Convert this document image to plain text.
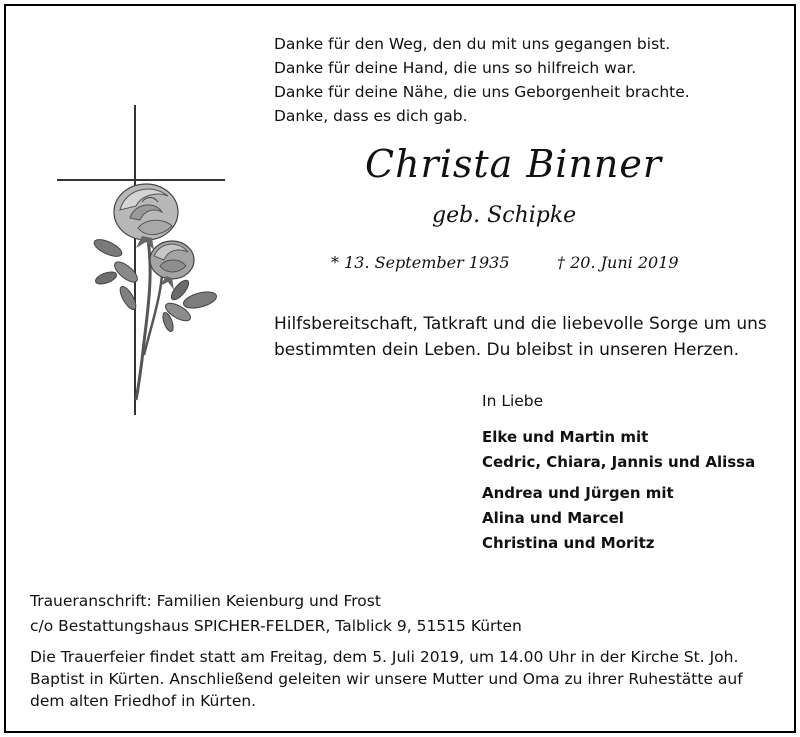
Danke für den Weg, den du mit uns gegangen bist.
Danke für deine Hand, die uns so hilfreich war.
Danke für deine Nähe, die uns Geborgenheit brachte.
Danke, dass es dich gab.
Christa Binner
geb. Schipke
* 13. September 1935	† 20. Juni 2019
Hilfsbereitschaft, Tatkraft und die liebevolle Sorge um uns
bestimmten dein Leben. Du bleibst in unseren Herzen.
In Liebe
Elke und Martin mit
Cedric, Chiara, Jannis und Alissa
Andrea und Jürgen mit
Alina und Marcel
Christina und Moritz
Traueranschrift: Familien Keienburg und Frost
c/o Bestattungshaus SPICHER-FELDER, Talblick 9, 51515 Kürten
Die Trauerfeier findet statt am Freitag, dem 5. Juli 2019, um 14.00 Uhr in der Kirche St. Joh.
Baptist in Kürten. Anschließend geleiten wir unsere Mutter und Oma zu ihrer Ruhestätte auf
dem alten Friedhof in Kürten.
